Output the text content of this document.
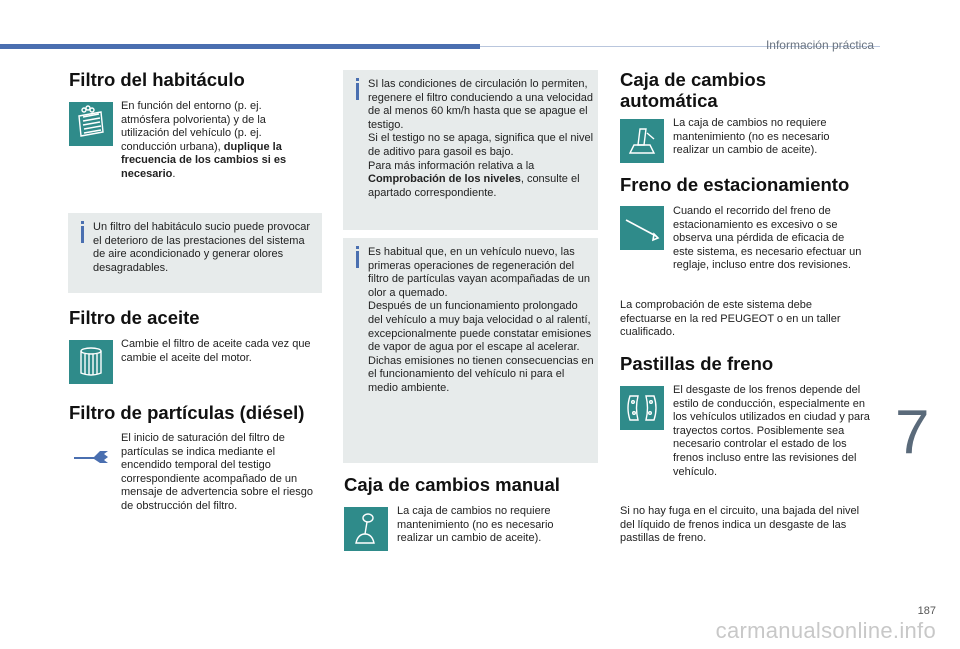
Información práctica
Filtro del habitáculo

En función del entorno (p. ej. atmósfera polvorienta) y de la utilización del vehículo (p. ej. conducción urbana), duplique la frecuencia de los cambios si es necesario.

Un filtro del habitáculo sucio puede provocar el deterioro de las prestaciones del sistema de aire acondicionado y generar olores desagradables.

Filtro de aceite

Cambie el filtro de aceite cada vez que cambie el aceite del motor.

Filtro de partículas (diésel)

El inicio de saturación del filtro de partículas se indica mediante el encendido temporal del testigo correspondiente acompañado de un mensaje de advertencia sobre el riesgo de obstrucción del filtro.

SI las condiciones de circulación lo permiten, regenere el filtro conduciendo a una velocidad de al menos 60 km/h hasta que se apague el testigo.
Si el testigo no se apaga, significa que el nivel de aditivo para gasoil es bajo.
Para más información relativa a la Comprobación de los niveles, consulte el apartado correspondiente.
Es habitual que, en un vehículo nuevo, las primeras operaciones de regeneración del filtro de partículas vayan acompañadas de un olor a quemado.
Después de un funcionamiento prolongado del vehículo a muy baja velocidad o al ralentí, excepcionalmente puede constatar emisiones de vapor de agua por el escape al acelerar. Dichas emisiones no tienen consecuencias en el funcionamiento del vehículo ni para el medio ambiente.
Caja de cambios manual

La caja de cambios no requiere mantenimiento (no es necesario realizar un cambio de aceite).

Caja de cambios
automática

La caja de cambios no requiere mantenimiento (no es necesario realizar un cambio de aceite).

Freno de estacionamiento

Cuando el recorrido del freno de estacionamiento es excesivo o se observa una pérdida de eficacia de este sistema, es necesario efectuar un reglaje, incluso entre dos revisiones.

La comprobación de este sistema debe efectuarse en la red PEUGEOT o en un taller cualificado.

Pastillas de freno

El desgaste de los frenos depende del estilo de conducción, especialmente en los vehículos utilizados en ciudad y para trayectos cortos. Posiblemente sea necesario controlar el estado de los frenos incluso entre las revisiones del vehículo.

Si no hay fuga en el circuito, una bajada del nivel del líquido de frenos indica un desgaste de las pastillas de freno.

7
187
carmanualsonline.info
